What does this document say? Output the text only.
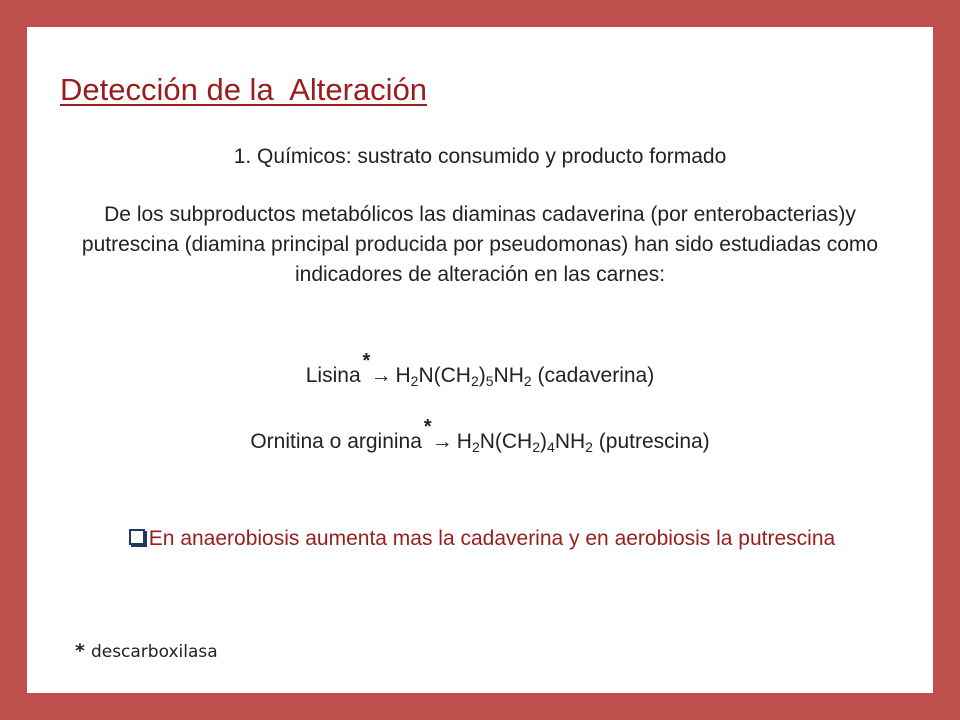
Detección de la  Alteración
1. Químicos: sustrato consumido y producto formado
De los subproductos metabólicos las diaminas cadaverina (por enterobacterias)y putrescina (diamina principal producida por pseudomonas) han sido estudiadas como indicadores de alteración en las carnes:
Lisina
*
→ $H_2N(CH_2)_5NH_2$ (cadaverina)
Ornitina o arginina
*
→ $H_2N(CH_2)_4NH_2$ (putrescina)
En anaerobiosis aumenta mas la cadaverina y en aerobiosis la putrescina
* descarboxilasa
